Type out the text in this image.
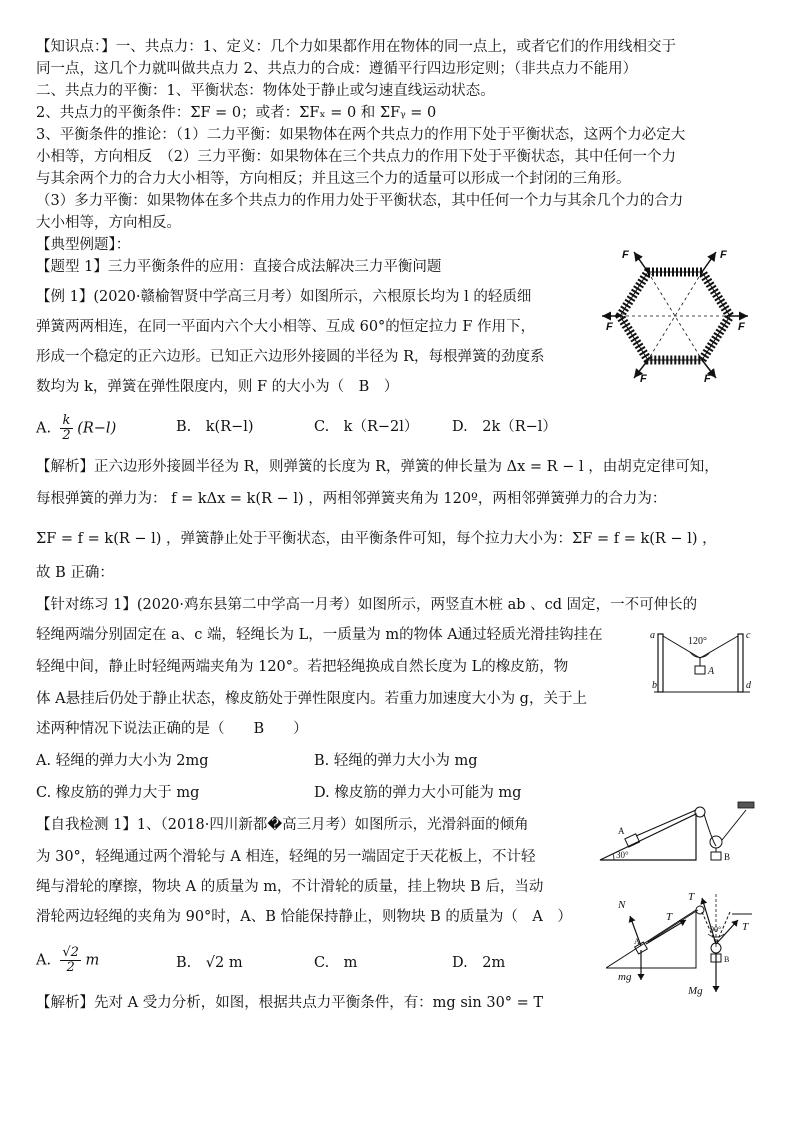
【知识点：】一、共点力：1、定义：几个力如果都作用在物体的同一点上，或者它们的作用线相交于
同一点，这几个力就叫做共点力 2、共点力的合成：遵循平行四边形定则；（非共点力不能用）
二、共点力的平衡：1、平衡状态：物体处于静止或匀速直线运动状态。
2、共点力的平衡条件：ΣF = 0；或者：ΣFₓ = 0 和 ΣFᵧ = 0
3、平衡条件的推论：（1）二力平衡：如果物体在两个共点力的作用下处于平衡状态，这两个力必定大
小相等，方向相反　（2）三力平衡：如果物体在三个共点力的作用下处于平衡状态，其中任何一个力
与其余两个力的合力大小相等，方向相反；并且这三个力的适量可以形成一个封闭的三角形。
（3）多力平衡：如果物体在多个共点力的作用力处于平衡状态，其中任何一个力与其余几个力的合力
大小相等，方向相反。
【典型例题】：
【题型 1】三力平衡条件的应用：直接合成法解决三力平衡问题
【例 1】(2020·赣榆智贤中学高三月考）如图所示，六根原长均为 l 的轻质细
弹簧两两相连，在同一平面内六个大小相等、互成 60°的恒定拉力 F 作用下，
形成一个稳定的正六边形。已知正六边形外接圆的半径为 R，每根弹簧的劲度系
数均为 k，弹簧在弹性限度内，则 F 的大小为（　B　）
A. $\frac{k}{2} (R-l)$	B.　k(R−l)	C.　k（R−2l） D.　2k（R−l）
F	F
F
F
F	F
【解析】正六边形外接圆半径为 R，则弹簧的长度为 R，弹簧的伸长量为 Δx = R − l ，由胡克定律可知，
每根弹簧的弹力为： f = kΔx = k(R − l) ，两相邻弹簧夹角为 120º，两相邻弹簧弹力的合力为：
ΣF = f = k(R − l) ，弹簧静止处于平衡状态，由平衡条件可知，每个拉力大小为：ΣF = f = k(R − l) ，
故 B 正确：
【针对练习 1】(2020·鸡东县第二中学高一月考）如图所示，两竖直木桩 ab 、cd 固定，一不可伸长的
轻绳两端分别固定在 a、c 端，轻绳长为 L，一质量为 m的物体 A通过轻质光滑挂钩挂在
轻绳中间，静止时轻绳两端夹角为 120°。若把轻绳换成自然长度为 L的橡皮筋，物
体 A悬挂后仍处于静止状态，橡皮筋处于弹性限度内。若重力加速度大小为 g，关于上
述两种情况下说法正确的是（　　B　　）
A. 轻绳的弹力大小为 2mg	B. 轻绳的弹力大小为 mg
C. 橡皮筋的弹力大于 mg	D. 橡皮筋的弹力大小可能为 mg
a
b
c
d
A
120°
【自我检测 1】1、（2018·四川新都�高三月考）如图所示，光滑斜面的倾角
为 30°，轻绳通过两个滑轮与 A 相连，轻绳的另一端固定于天花板上，不计轻
绳与滑轮的摩擦，物块 A 的质量为 m，不计滑轮的质量，挂上物块 B 后，当动
滑轮两边轻绳的夹角为 90°时，A、B 恰能保持静止，则物块 B 的质量为（　A　）
A. $\frac{√2}{2}$ m	B.　√2 m	C.　m	D.　2m
30°
A
B
N
T
T
T
mg
Mg
A
90°
B
【解析】先对 A 受力分析，如图，根据共点力平衡条件，有：mg sin 30° = T
